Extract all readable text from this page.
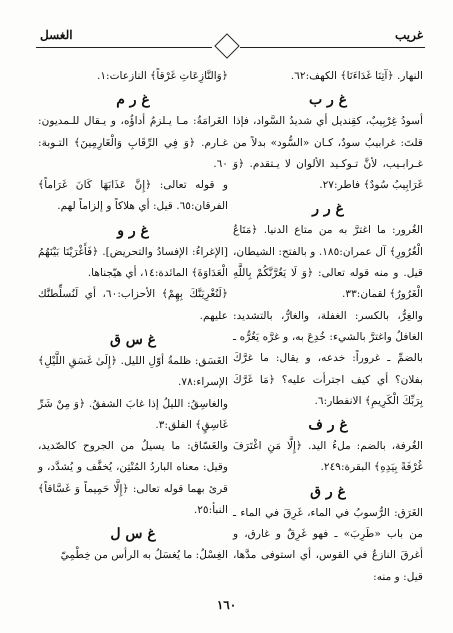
غريب
الغسل

النهار. ﴿آتِنَا غَدَاءَنَا﴾ الكهف:٦٢.

غ ر ب

أسودُ غِرْبِيبٌ، كقِنديل أي شديدُ السَّواد، فإذا قلتَ: غرابيبُ سودٌ، كـان «السُّود» بدلاً من غـرابـيب، لأنَّ تـوكـيد الألوان لا يـتقدم. ﴿وَ غَرَابِيبُ سُودٌ﴾ فاطر:٢٧.

غ ر ر

الغُرور: ما اغترَّ به من متاع الدنيا. ﴿مَتَاعُ الْغُرُورِ﴾ آل عمران:١٨٥. و بالفتح: الشيطان، قيل. و منه قوله تعالى: ﴿وَ لَا يَغُرَّنَّكُمْ بِاللَّهِ الْغَرُورُ﴾ لقمان:٣٣.

والغِرُّ، بالكسر: الغفلة، والغارُّ، بالتشديد: الغافلُ واغترَّ بالشيء: خُدِعَ به، و غرَّه يَغُرُّه ـ بالضمِّ ـ غروراً: خدعه، و يقال: ما غرَّكَ بفلان؟ أي كيف اجترأت عليه؟ ﴿مَا غَرَّكَ بِرَبِّكَ الْكَرِيمِ﴾ الانفطار:٦.

غ ر ف

الغُرفة، بالضم: ملءُ اليد. ﴿إِلَّا مَنِ اغْتَرَفَ غُرْفَةً بِيَدِهِ﴾ البقرة:٢٤٩.

غ ر ق

الغَرَق: الرُّسوبُ في الماء، غَرِقَ في الماء ـ من باب «طَرِبَ» ـ فهو غَرِقٌ و غارق، و أغرقَ النازعُ في القوس، أي استوفى مدَّها، قيل: و منه:

﴿وَالنَّازِعَاتِ غَرْقاً﴾ النازعات:١.

غ ر م

الغَرامَةُ: مـا يـلزمُ أداؤُه، و يـقال للـمديون: غـارم. ﴿وَ فِي الرِّقَابِ وَالْغَارِمِينَ﴾ التـوبة: ٦٠.

و قوله تعالى: ﴿إِنَّ عَذَابَهَا كَانَ غَرَاماً﴾ الفرقان:٦٥. قيل: أي هلاكاً و إلزاماً لهم.

غ ر و

[الإغراءُ: الإفسادُ والتحريض]. ﴿فَأَغْرَيْنَا بَيْنَهُمُ الْعَدَاوَةَ﴾ المائدة:١٤، أي هيّجناها.

﴿لَنُغْرِيَنَّكَ بِهِمْ﴾ الأحزاب:٦٠، أي لَنُسلِّطنَّك عليهم.

غ س ق

الغَسَق: ظلمةُ أوّلِ الليل. ﴿إِلَىٰ غَسَقِ اللَّيْلِ﴾ الإسراء:٧٨.

والغاسِقُ: الليلُ إذا غابَ الشفقُ. ﴿وَ مِنْ شَرِّ غَاسِقٍ﴾ الفلق:٣.

والغَسّاق: ما يسيلُ من الجروح كالصّديد، وقيل: معناه الباردُ المُنْتِن، يُخفَّف و يُشدَّد، و قرئ بهما قوله تعالى: ﴿إِلَّا حَمِيماً وَ غَسَّاقاً﴾ النبأ:٢٥.

غ س ل

الغِسْلُ: ما يُغسَلُ به الرأس من خِطْمِيّ

١٦٠
